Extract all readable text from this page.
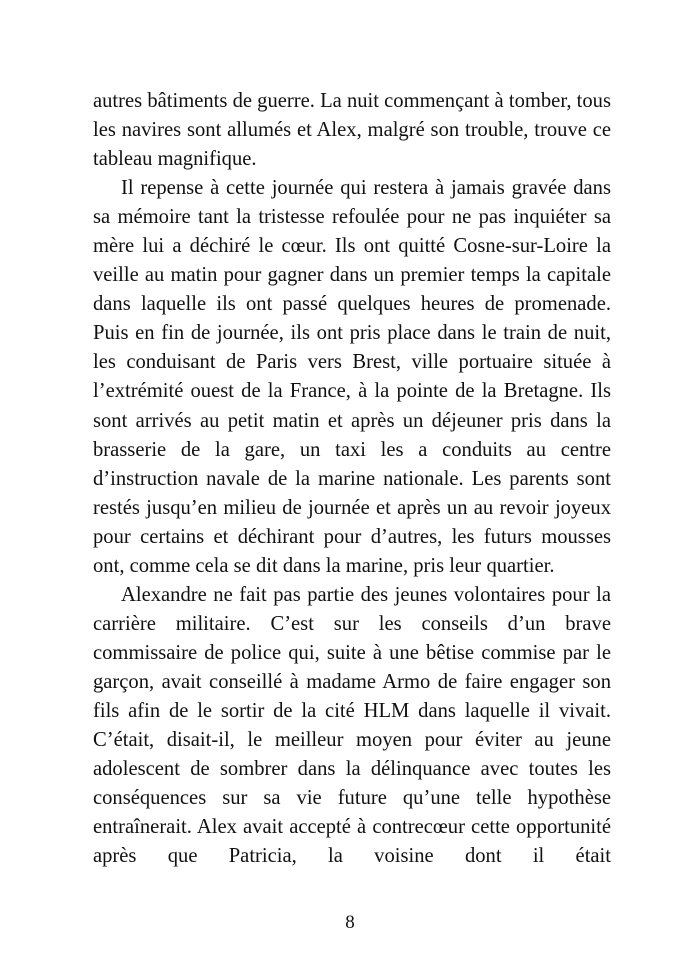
autres bâtiments de guerre. La nuit commençant à tomber, tous les navires sont allumés et Alex, malgré son trouble, trouve ce tableau magnifique.

Il repense à cette journée qui restera à jamais gravée dans sa mémoire tant la tristesse refoulée pour ne pas inquiéter sa mère lui a déchiré le cœur. Ils ont quitté Cosne-sur-Loire la veille au matin pour gagner dans un premier temps la capitale dans laquelle ils ont passé quelques heures de promenade. Puis en fin de journée, ils ont pris place dans le train de nuit, les conduisant de Paris vers Brest, ville portuaire située à l’extrémité ouest de la France, à la pointe de la Bretagne. Ils sont arrivés au petit matin et après un déjeuner pris dans la brasserie de la gare, un taxi les a conduits au centre d’instruction navale de la marine nationale. Les parents sont restés jusqu’en milieu de journée et après un au revoir joyeux pour certains et déchirant pour d’autres, les futurs mousses ont, comme cela se dit dans la marine, pris leur quartier.

Alexandre ne fait pas partie des jeunes volontaires pour la carrière militaire. C’est sur les conseils d’un brave commissaire de police qui, suite à une bêtise commise par le garçon, avait conseillé à madame Armo de faire engager son fils afin de le sortir de la cité HLM dans laquelle il vivait. C’était, disait-il, le meilleur moyen pour éviter au jeune adolescent de sombrer dans la délinquance avec toutes les conséquences sur sa vie future qu’une telle hypothèse entraînerait. Alex avait accepté à contrecœur cette opportunité après que Patricia, la voisine dont il était

8
